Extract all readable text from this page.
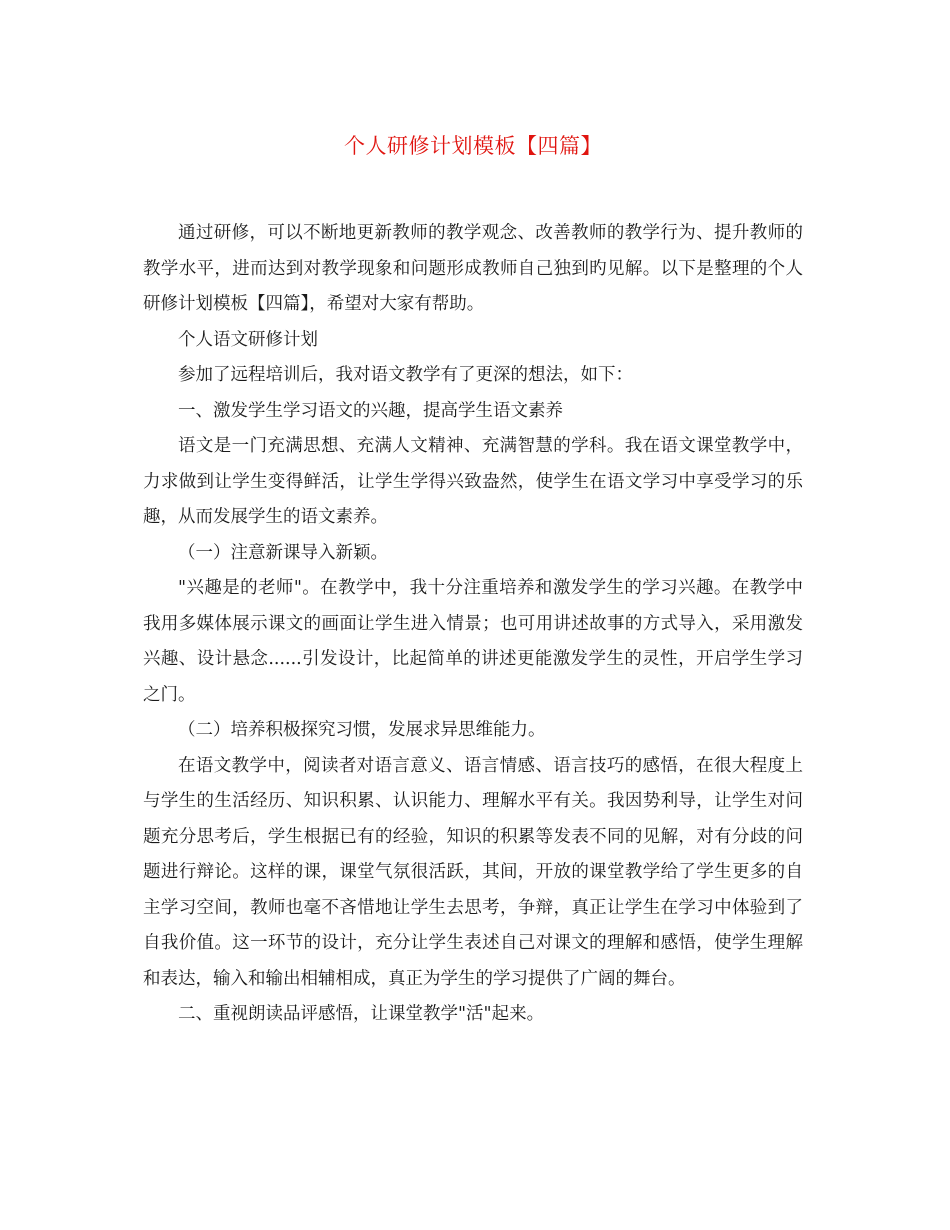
个人研修计划模板【四篇】

通过研修，可以不断地更新教师的教学观念、改善教师的教学行为、提升教师的教学水平，进而达到对教学现象和问题形成教师自己独到旳见解。以下是整理的个人研修计划模板【四篇】，希望对大家有帮助。

个人语文研修计划

参加了远程培训后，我对语文教学有了更深的想法，如下：

一、激发学生学习语文的兴趣，提高学生语文素养

语文是一门充满思想、充满人文精神、充满智慧的学科。我在语文课堂教学中，力求做到让学生变得鲜活，让学生学得兴致盎然，使学生在语文学习中享受学习的乐趣，从而发展学生的语文素养。

（一）注意新课导入新颖。

"兴趣是的老师"。在教学中，我十分注重培养和激发学生的学习兴趣。在教学中我用多媒体展示课文的画面让学生进入情景；也可用讲述故事的方式导入，采用激发兴趣、设计悬念......引发设计，比起简单的讲述更能激发学生的灵性，开启学生学习之门。

（二）培养积极探究习惯，发展求异思维能力。

在语文教学中，阅读者对语言意义、语言情感、语言技巧的感悟，在很大程度上与学生的生活经历、知识积累、认识能力、理解水平有关。我因势利导，让学生对问题充分思考后，学生根据已有的经验，知识的积累等发表不同的见解，对有分歧的问题进行辩论。这样的课，课堂气氛很活跃，其间，开放的课堂教学给了学生更多的自主学习空间，教师也毫不吝惜地让学生去思考，争辩，真正让学生在学习中体验到了自我价值。这一环节的设计，充分让学生表述自己对课文的理解和感悟，使学生理解和表达，输入和输出相辅相成，真正为学生的学习提供了广阔的舞台。

二、重视朗读品评感悟，让课堂教学"活"起来。
